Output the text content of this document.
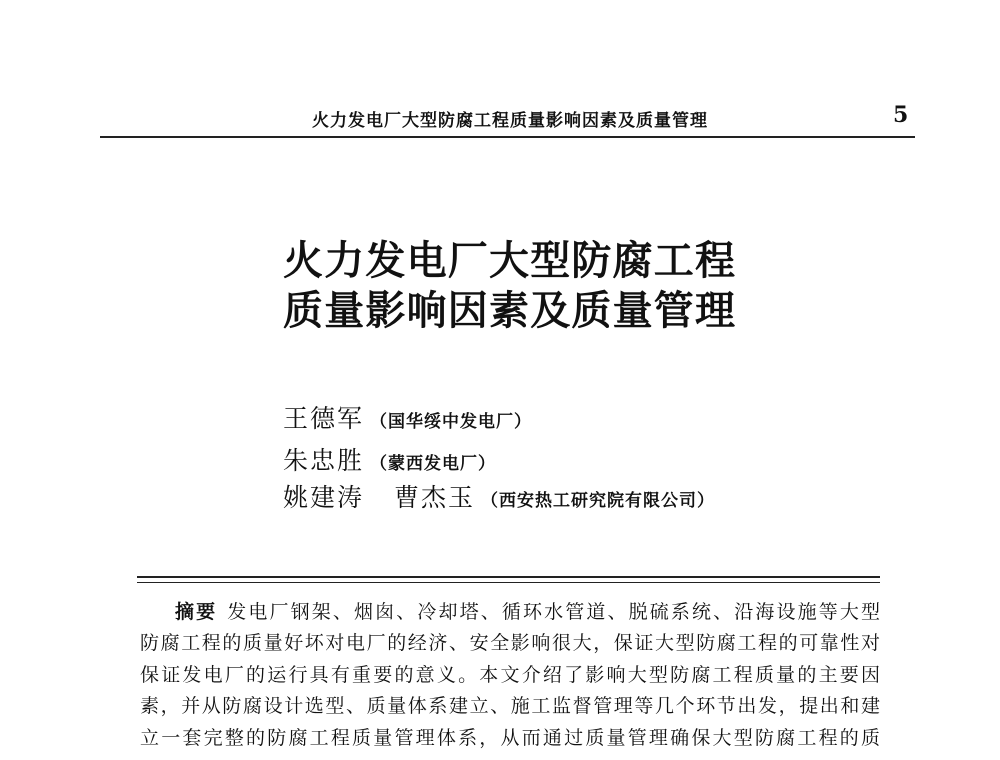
火力发电厂大型防腐工程质量影响因素及质量管理	5
火力发电厂大型防腐工程
质量影响因素及质量管理
王德军 （国华绥中发电厂）
朱忠胜 （蒙西发电厂）
姚建涛 曹杰玉 （西安热工研究院有限公司）
摘要 发电厂钢架、烟囱、冷却塔、循环水管道、脱硫系统、沿海设施等大型
防腐工程的质量好坏对电厂的经济、安全影响很大，保证大型防腐工程的可靠性对
保证发电厂的运行具有重要的意义。本文介绍了影响大型防腐工程质量的主要因
素，并从防腐设计选型、质量体系建立、施工监督管理等几个环节出发，提出和建
立一套完整的防腐工程质量管理体系，从而通过质量管理确保大型防腐工程的质
